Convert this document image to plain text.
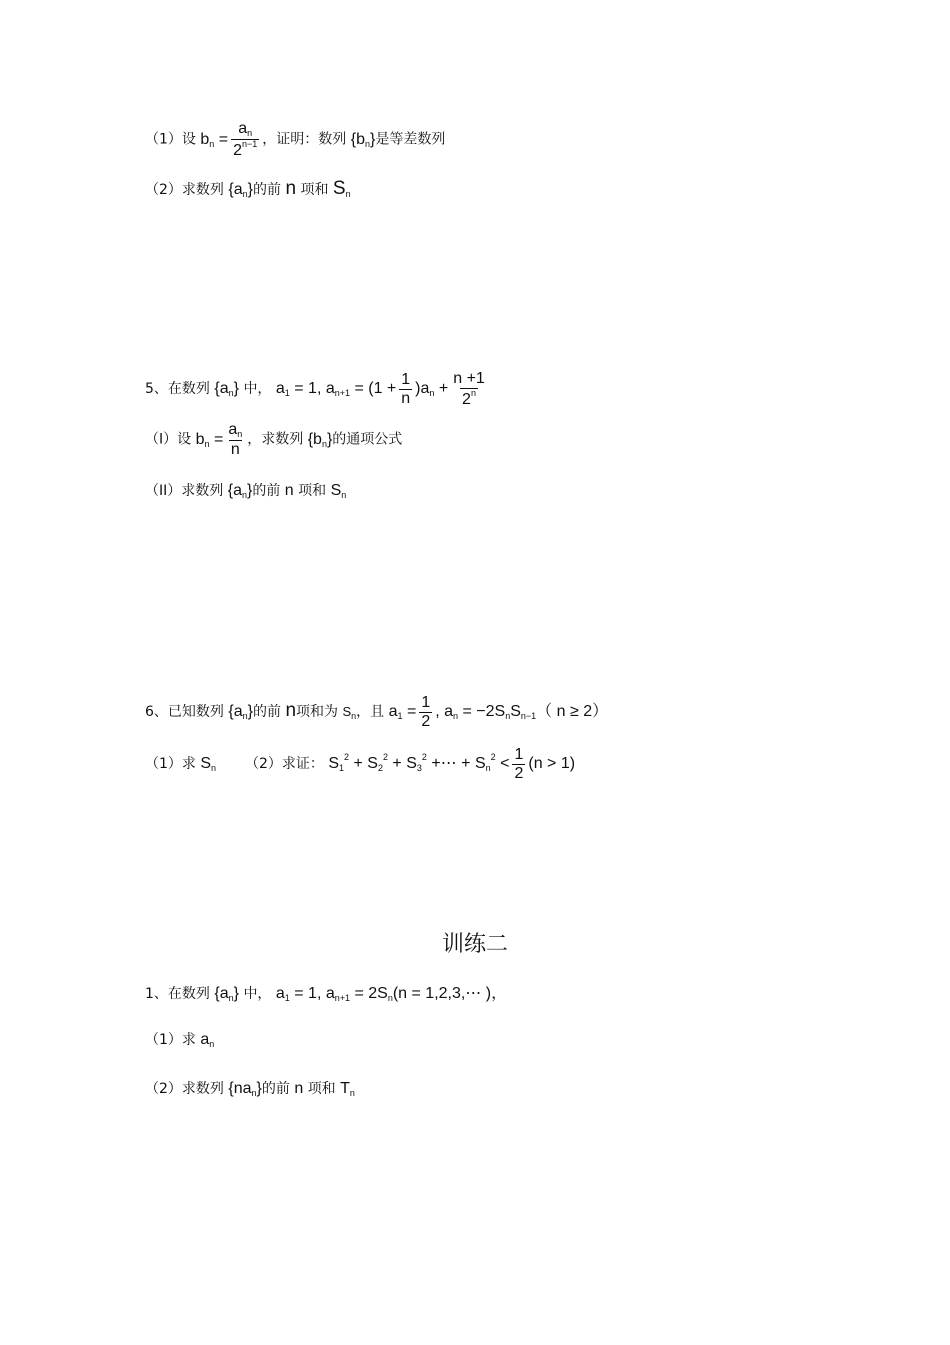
（1）设 $b_n = \frac{a_n}{2^{n-1}}$ ，证明：数列 $\{b_n\}$是等差数列
（2）求数列 $\{a_n\}$的前 n 项和 $S_n$
5、在数列 $\{a_n\}$ 中， $a_1 = 1$, $a_{n+1} = (1 + \frac{1}{n} )a_n + \frac{n +1}{2^n}$
（I）设 $b_n = \frac{a_n}{n}$ ，求数列 $\{b_n\}$的通项公式
（II）求数列 $\{a_n\}$的前 n 项和 $S_n$
6、已知数列 $\{a_n\}$的前 n项和为 $S_n$，且 $a_1 = \frac{1}{2}$ , $a_n = -2S_nS_{n-1}$（ n ≥ 2）
（1）求 $S_n$ （2）求证： $S_1^2 + S_2^2 + S_3^2$ +⋯ + $S_n^2 < \frac{1}{2} (n > 1)$
训练二
1、在数列 $\{a_n\}$ 中， $a_1 = 1$, $a_{n+1} = 2S_n(n$ = 1,2,3,⋯ )，
（1）求 $a_n$
（2）求数列 $\{na_n\}$的前 n 项和 $T_n$
